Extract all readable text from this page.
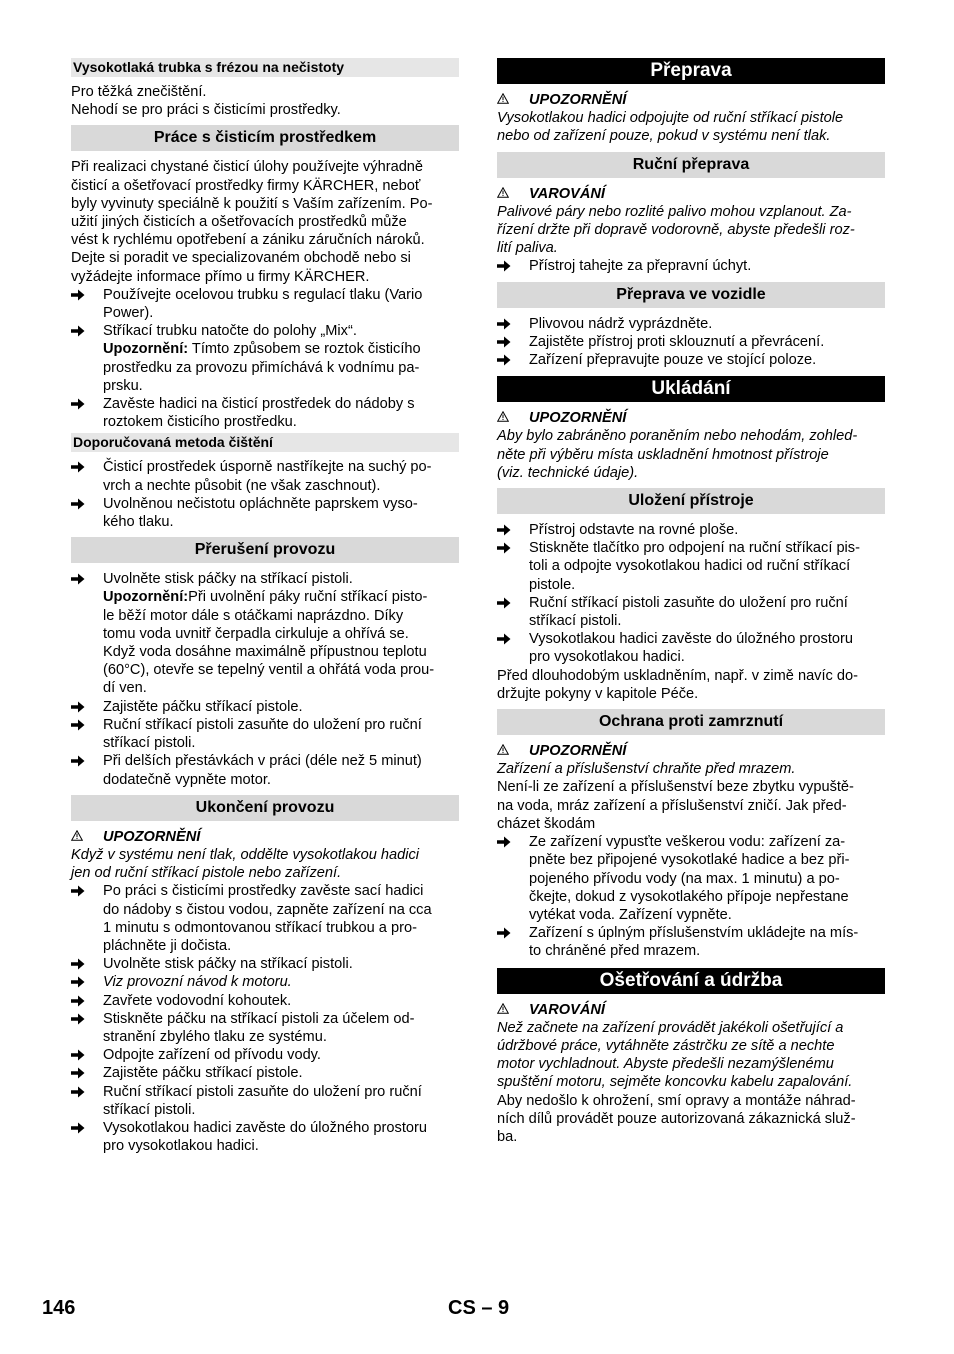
Vysokotlaká trubka s frézou na nečistoty
Pro těžká znečištění.
Nehodí se pro práci s čisticími prostředky.
Práce s čisticím prostředkem
Při realizaci chystané čisticí úlohy používejte výhradně
čisticí a ošetřovací prostředky firmy KÄRCHER, neboť
byly vyvinuty speciálně k použití s Vaším zařízením. Po-
užití jiných čisticích a ošetřovacích prostředků může
vést k rychlému opotřebení a zániku záručních nároků.
Dejte si poradit ve specializovaném obchodě nebo si
vyžádejte informace přímo u firmy KÄRCHER.
Používejte ocelovou trubku s regulací tlaku (Vario
Power).
Stříkací trubku natočte do polohy „Mix“.
Upozornění: Tímto způsobem se roztok čisticího
prostředku za provozu přimíchává k vodnímu pa-
prsku.
Zavěste hadici na čisticí prostředek do nádoby s
roztokem čisticího prostředku.
Doporučovaná metoda čištění
Čisticí prostředek úsporně nastříkejte na suchý po-
vrch a nechte působit (ne však zaschnout).
Uvolněnou nečistotu opláchněte paprskem vyso-
kého tlaku.
Přerušení provozu
Uvolněte stisk páčky na stříkací pistoli.
Upozornění:Při uvolnění páky ruční stříkací pisto-
le běží motor dále s otáčkami naprázdno. Díky
tomu voda uvnitř čerpadla cirkuluje a ohřívá se.
Když voda dosáhne maximálně přípustnou teplotu
(60°C), otevře se tepelný ventil a ohřátá voda prou-
dí ven.
Zajistěte páčku stříkací pistole.
Ruční stříkací pistoli zasuňte do uložení pro ruční
stříkací pistoli.
Při delších přestávkách v práci (déle než 5 minut)
dodatečně vypněte motor.
Ukončení provozu
UPOZORNĚNÍ
Když v systému není tlak, oddělte vysokotlakou hadici
jen od ruční stříkací pistole nebo zařízení.
Po práci s čisticími prostředky zavěste sací hadici
do nádoby s čistou vodou, zapněte zařízení na cca
1 minutu s odmontovanou stříkací trubkou a pro-
pláchněte ji dočista.
Uvolněte stisk páčky na stříkací pistoli.
Viz provozní návod k motoru.
Zavřete vodovodní kohoutek.
Stiskněte páčku na stříkací pistoli za účelem od-
stranění zbylého tlaku ze systému.
Odpojte zařízení od přívodu vody.
Zajistěte páčku stříkací pistole.
Ruční stříkací pistoli zasuňte do uložení pro ruční
stříkací pistoli.
Vysokotlakou hadici zavěste do úložného prostoru
pro vysokotlakou hadici.
Přeprava
UPOZORNĚNÍ
Vysokotlakou hadici odpojujte od ruční stříkací pistole
nebo od zařízení pouze, pokud v systému není tlak.
Ruční přeprava
VAROVÁNÍ
Palivové páry nebo rozlité palivo mohou vzplanout. Za-
řízení držte při dopravě vodorovně, abyste předešli roz-
lití paliva.
Přístroj tahejte za přepravní úchyt.
Přeprava ve vozidle
Plivovou nádrž vyprázdněte.
Zajistěte přístroj proti sklouznutí a převrácení.
Zařízení přepravujte pouze ve stojící poloze.
Ukládání
UPOZORNĚNÍ
Aby bylo zabráněno poraněním nebo nehodám, zohled-
něte při výběru místa uskladnění hmotnost přístroje
(viz. technické údaje).
Uložení přístroje
Přístroj odstavte na rovné ploše.
Stiskněte tlačítko pro odpojení na ruční stříkací pis-
toli a odpojte vysokotlakou hadici od ruční stříkací
pistole.
Ruční stříkací pistoli zasuňte do uložení pro ruční
stříkací pistoli.
Vysokotlakou hadici zavěste do úložného prostoru
pro vysokotlakou hadici.
Před dlouhodobým uskladněním, např. v zimě navíc do-
držujte pokyny v kapitole Péče.
Ochrana proti zamrznutí
UPOZORNĚNÍ
Zařízení a příslušenství chraňte před mrazem.
Není-li ze zařízení a příslušenství beze zbytku vypuště-
na voda, mráz zařízení a příslušenství zničí. Jak před-
cházet škodám
Ze zařízení vypusťte veškerou vodu: zařízení za-
pněte bez připojené vysokotlaké hadice a bez při-
pojeného přívodu vody (na max. 1 minutu) a po-
čkejte, dokud z vysokotlakého přípoje nepřestane
vytékat voda. Zařízení vypněte.
Zařízení s úplným příslušenstvím ukládejte na mís-
to chráněné před mrazem.
Ošetřování a údržba
VAROVÁNÍ
Než začnete na zařízení provádět jakékoli ošetřující a
údržbové práce, vytáhněte zástrčku ze sítě a nechte
motor vychladnout. Abyste předešli nezamýšlenému
spuštění motoru, sejměte koncovku kabelu zapalování.
Aby nedošlo k ohrožení, smí opravy a montáže náhrad-
ních dílů provádět pouze autorizovaná zákaznická služ-
ba.
146	CS – 9
